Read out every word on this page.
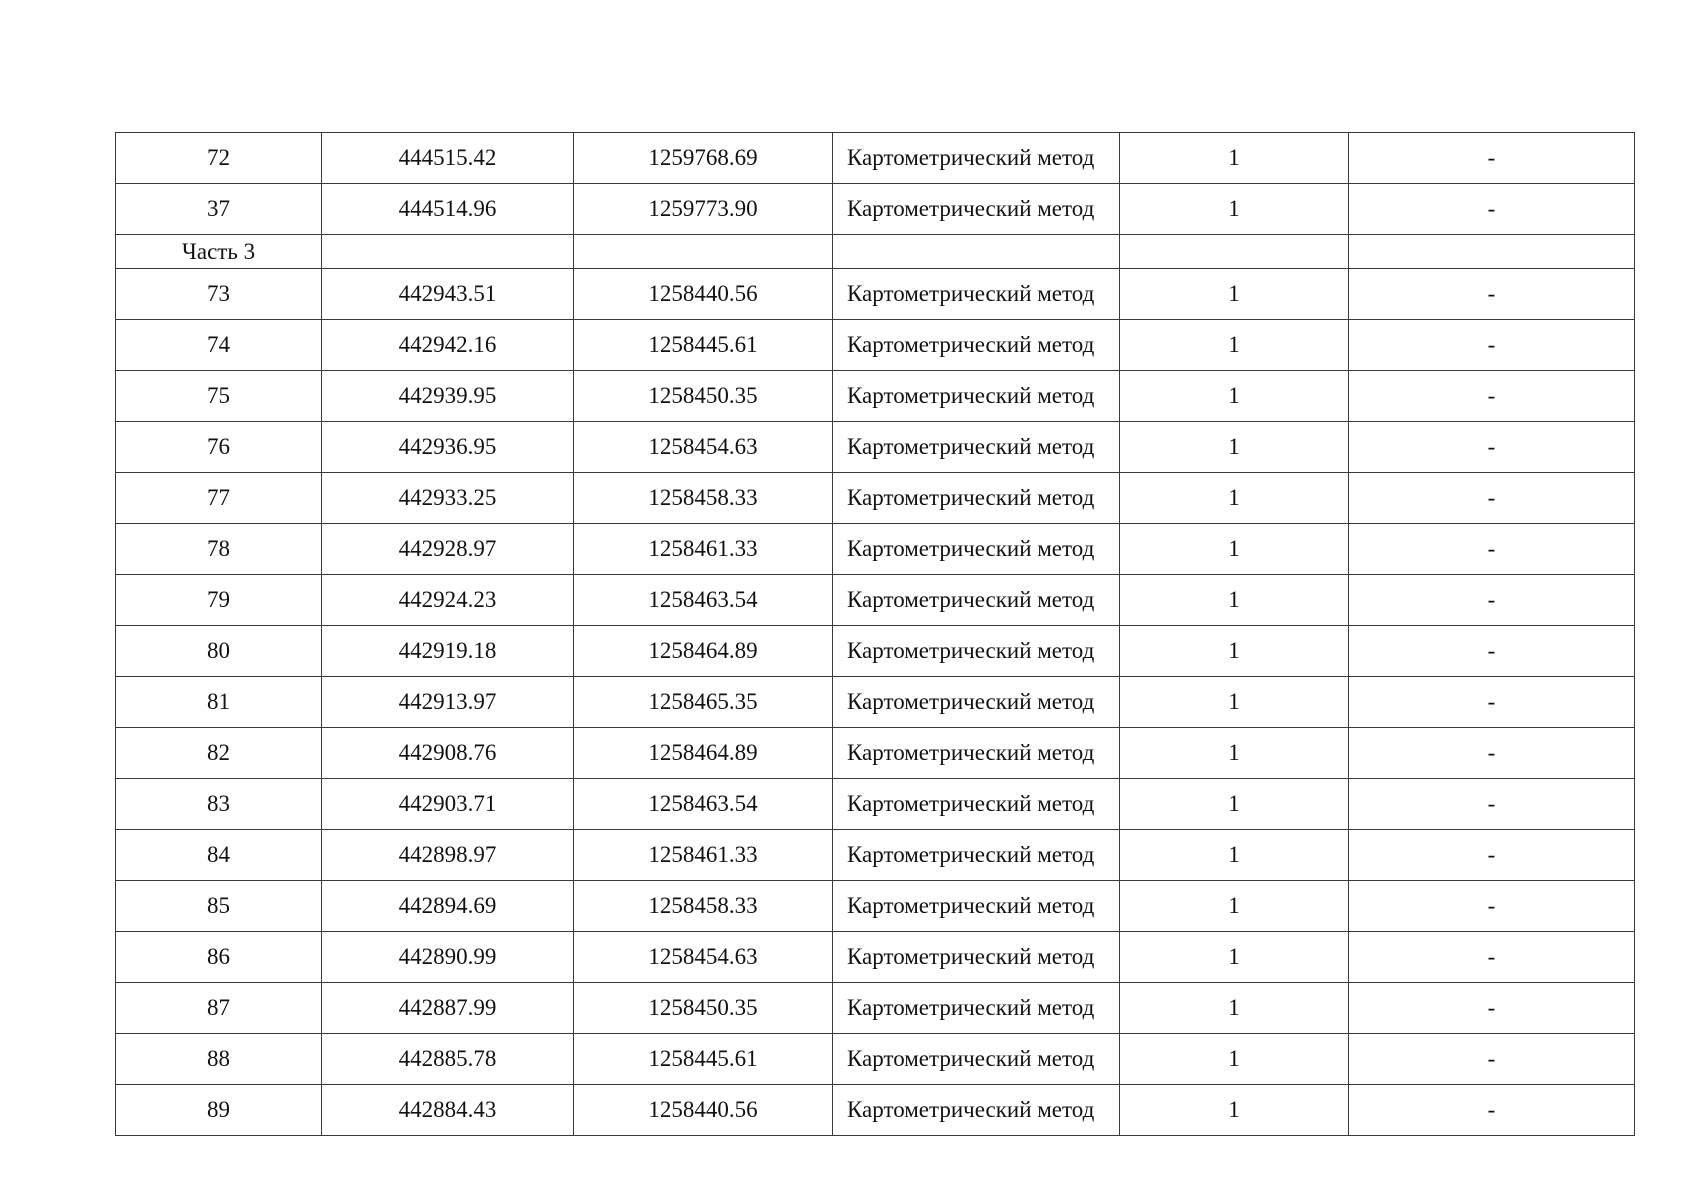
72	444515.42	1259768.69	Картометрический метод	1	-
37	444514.96	1259773.90	Картометрический метод	1	-
Часть 3					
73	442943.51	1258440.56	Картометрический метод	1	-
74	442942.16	1258445.61	Картометрический метод	1	-
75	442939.95	1258450.35	Картометрический метод	1	-
76	442936.95	1258454.63	Картометрический метод	1	-
77	442933.25	1258458.33	Картометрический метод	1	-
78	442928.97	1258461.33	Картометрический метод	1	-
79	442924.23	1258463.54	Картометрический метод	1	-
80	442919.18	1258464.89	Картометрический метод	1	-
81	442913.97	1258465.35	Картометрический метод	1	-
82	442908.76	1258464.89	Картометрический метод	1	-
83	442903.71	1258463.54	Картометрический метод	1	-
84	442898.97	1258461.33	Картометрический метод	1	-
85	442894.69	1258458.33	Картометрический метод	1	-
86	442890.99	1258454.63	Картометрический метод	1	-
87	442887.99	1258450.35	Картометрический метод	1	-
88	442885.78	1258445.61	Картометрический метод	1	-
89	442884.43	1258440.56	Картометрический метод	1	-
